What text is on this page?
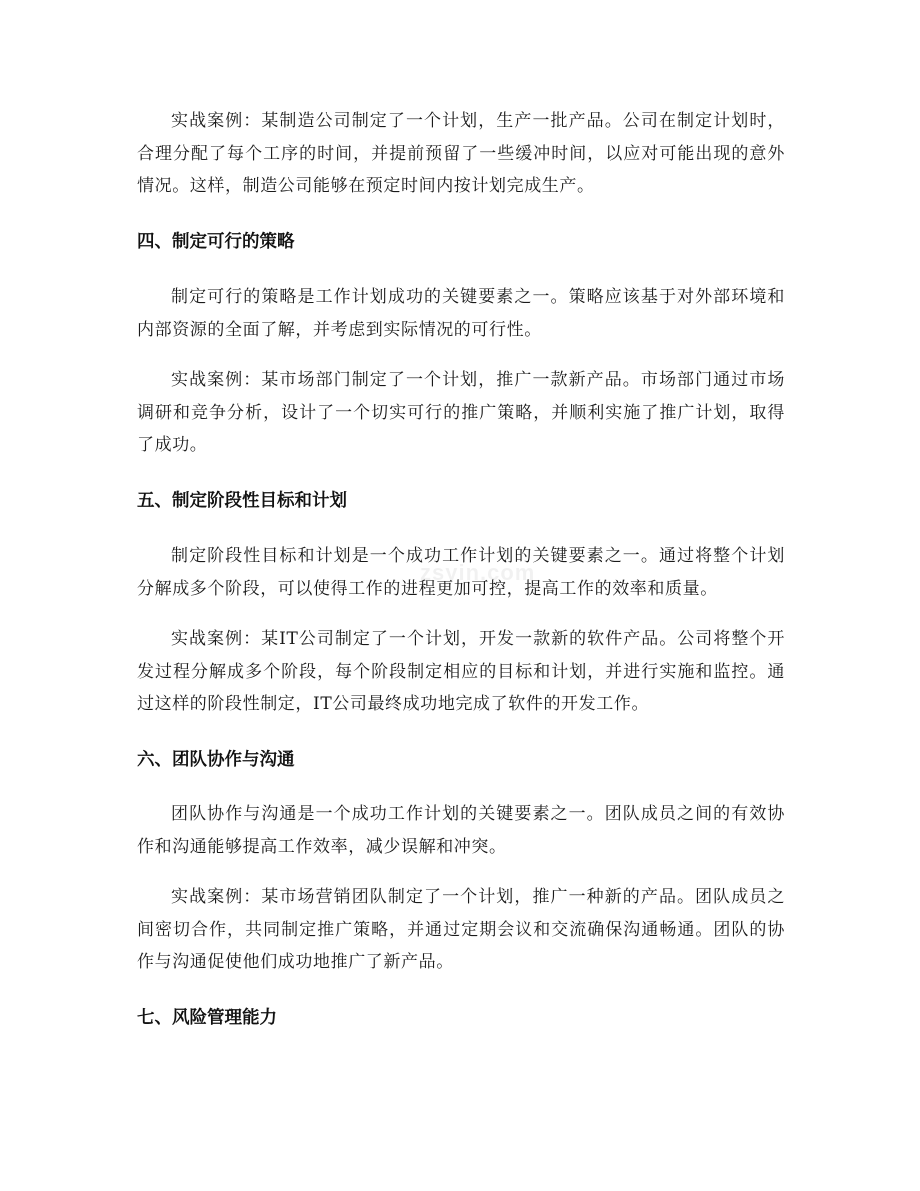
实战案例：某制造公司制定了一个计划，生产一批产品。公司在制定计划时，合理分配了每个工序的时间，并提前预留了一些缓冲时间，以应对可能出现的意外情况。这样，制造公司能够在预定时间内按计划完成生产。

四、制定可行的策略

制定可行的策略是工作计划成功的关键要素之一。策略应该基于对外部环境和内部资源的全面了解，并考虑到实际情况的可行性。

实战案例：某市场部门制定了一个计划，推广一款新产品。市场部门通过市场调研和竞争分析，设计了一个切实可行的推广策略，并顺利实施了推广计划，取得了成功。

五、制定阶段性目标和计划

制定阶段性目标和计划是一个成功工作计划的关键要素之一。通过将整个计划分解成多个阶段，可以使得工作的进程更加可控，提高工作的效率和质量。

实战案例：某IT公司制定了一个计划，开发一款新的软件产品。公司将整个开发过程分解成多个阶段，每个阶段制定相应的目标和计划，并进行实施和监控。通过这样的阶段性制定，IT公司最终成功地完成了软件的开发工作。

六、团队协作与沟通

团队协作与沟通是一个成功工作计划的关键要素之一。团队成员之间的有效协作和沟通能够提高工作效率，减少误解和冲突。

实战案例：某市场营销团队制定了一个计划，推广一种新的产品。团队成员之间密切合作，共同制定推广策略，并通过定期会议和交流确保沟通畅通。团队的协作与沟通促使他们成功地推广了新产品。

七、风险管理能力
zsyin.com
